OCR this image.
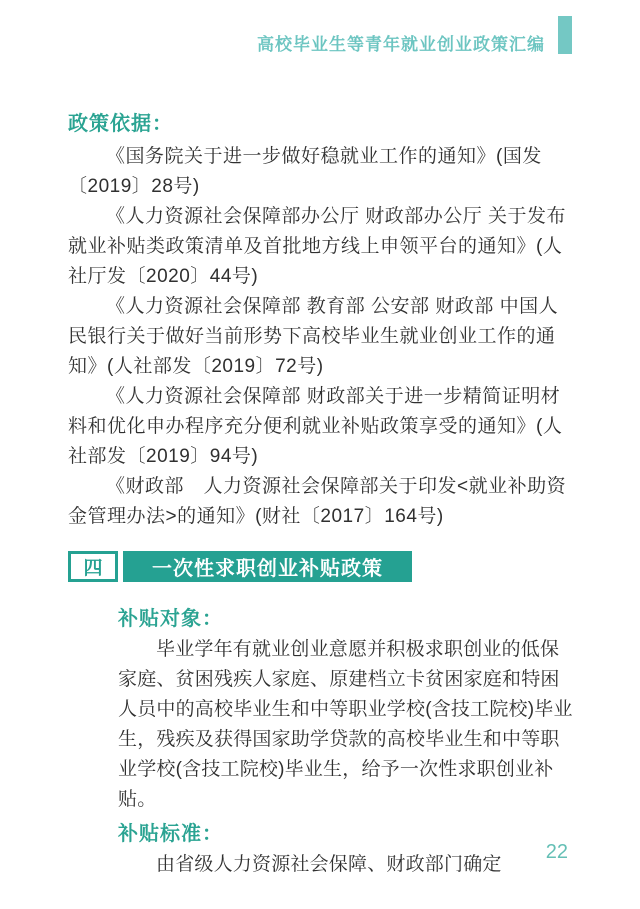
高校毕业生等青年就业创业政策汇编
政策依据：

《国务院关于进一步做好稳就业工作的通知》(国发〔2019〕28号)

《人力资源社会保障部办公厅 财政部办公厅 关于发布就业补贴类政策清单及首批地方线上申领平台的通知》(人社厅发〔2020〕44号)

《人力资源社会保障部 教育部 公安部 财政部 中国人民银行关于做好当前形势下高校毕业生就业创业工作的通知》(人社部发〔2019〕72号)

《人力资源社会保障部 财政部关于进一步精简证明材料和优化申办程序充分便利就业补贴政策享受的通知》(人社部发〔2019〕94号)

《财政部　人力资源社会保障部关于印发<就业补助资金管理办法>的通知》(财社〔2017〕164号)

四	一次性求职创业补贴政策
补贴对象：

毕业学年有就业创业意愿并积极求职创业的低保家庭、贫困残疾人家庭、原建档立卡贫困家庭和特困人员中的高校毕业生和中等职业学校(含技工院校)毕业生，残疾及获得国家助学贷款的高校毕业生和中等职业学校(含技工院校)毕业生，给予一次性求职创业补贴。

补贴标准：

由省级人力资源社会保障、财政部门确定

22
